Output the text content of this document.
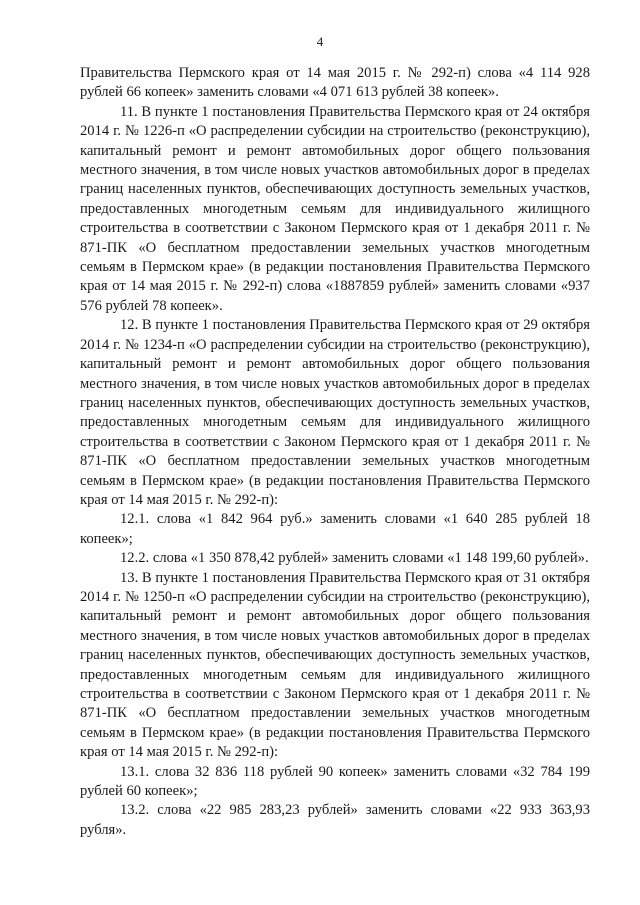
4

Правительства Пермского края от 14 мая 2015 г. № 292-п) слова «4 114 928 рублей 66 копеек» заменить словами «4 071 613 рублей 38 копеек».

11. В пункте 1 постановления Правительства Пермского края от 24 октября 2014 г. № 1226-п «О распределении субсидии на строительство (реконструкцию), капитальный ремонт и ремонт автомобильных дорог общего пользования местного значения, в том числе новых участков автомобильных дорог в пределах границ населенных пунктов, обеспечивающих доступность земельных участков, предоставленных многодетным семьям для индивидуального жилищного строительства в соответствии с Законом Пермского края от 1 декабря 2011 г. № 871-ПК «О бесплатном предоставлении земельных участков многодетным семьям в Пермском крае» (в редакции постановления Правительства Пермского края от 14 мая 2015 г. № 292-п) слова «1887859 рублей» заменить словами «937 576 рублей 78 копеек».

12. В пункте 1 постановления Правительства Пермского края от 29 октября 2014 г. № 1234-п «О распределении субсидии на строительство (реконструкцию), капитальный ремонт и ремонт автомобильных дорог общего пользования местного значения, в том числе новых участков автомобильных дорог в пределах границ населенных пунктов, обеспечивающих доступность земельных участков, предоставленных многодетным семьям для индивидуального жилищного строительства в соответствии с Законом Пермского края от 1 декабря 2011 г. № 871-ПК «О бесплатном предоставлении земельных участков многодетным семьям в Пермском крае» (в редакции постановления Правительства Пермского края от 14 мая 2015 г. № 292-п):

12.1. слова «1 842 964 руб.» заменить словами «1 640 285 рублей 18 копеек»;

12.2. слова «1 350 878,42 рублей» заменить словами «1 148 199,60 рублей».

13. В пункте 1 постановления Правительства Пермского края от 31 октября 2014 г. № 1250-п «О распределении субсидии на строительство (реконструкцию), капитальный ремонт и ремонт автомобильных дорог общего пользования местного значения, в том числе новых участков автомобильных дорог в пределах границ населенных пунктов, обеспечивающих доступность земельных участков, предоставленных многодетным семьям для индивидуального жилищного строительства в соответствии с Законом Пермского края от 1 декабря 2011 г. № 871-ПК «О бесплатном предоставлении земельных участков многодетным семьям в Пермском крае» (в редакции постановления Правительства Пермского края от 14 мая 2015 г. № 292-п):

13.1. слова 32 836 118 рублей 90 копеек» заменить словами «32 784 199 рублей 60 копеек»;

13.2. слова «22 985 283,23 рублей» заменить словами «22 933 363,93 рубля».
